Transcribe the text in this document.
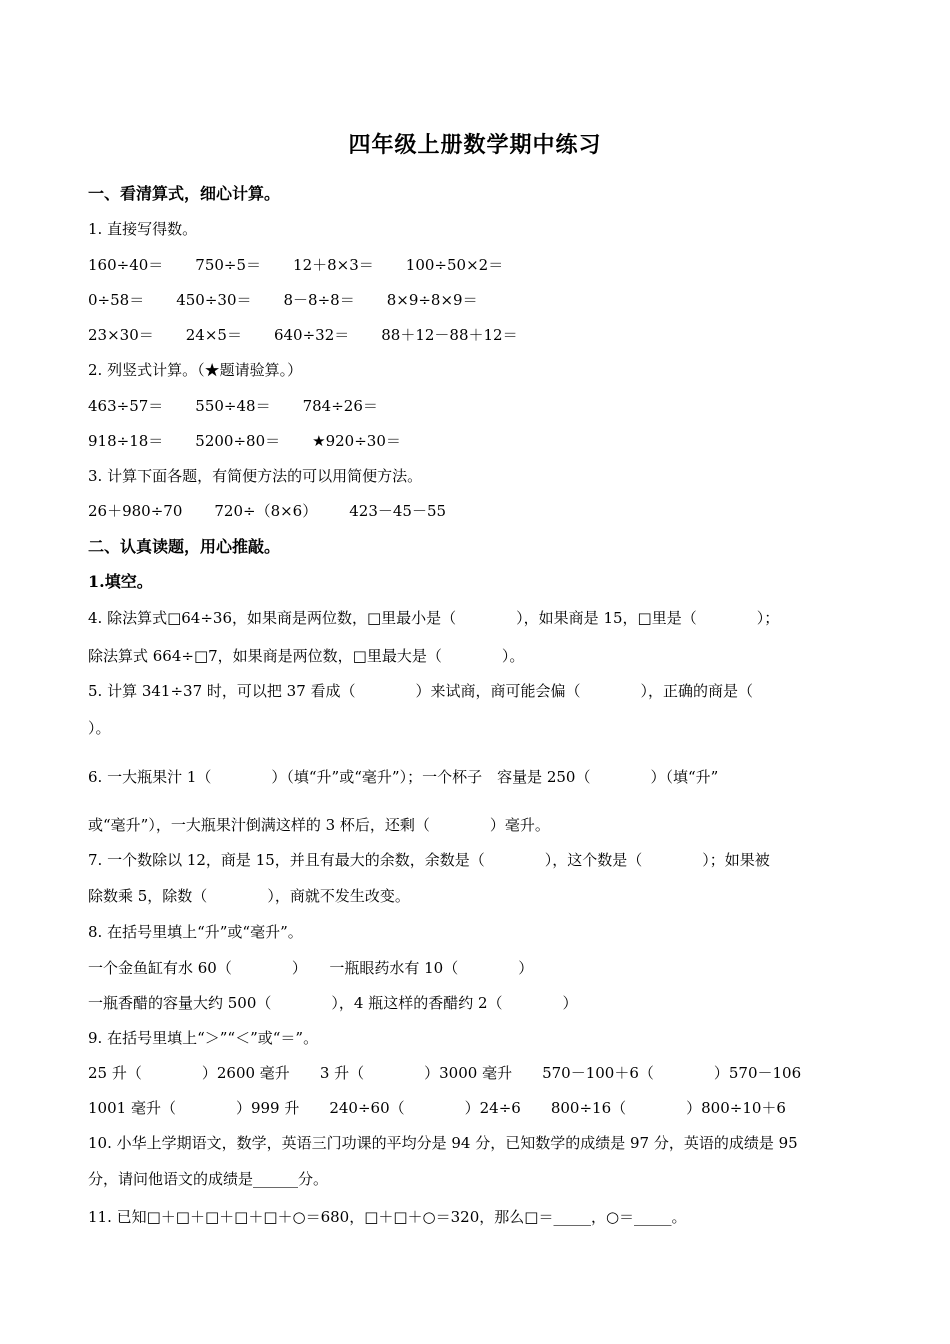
四年级上册数学期中练习
一、看清算式，细心计算。
1. 直接写得数。
160÷40＝ 750÷5＝ 12＋8×3＝ 100÷50×2＝
0÷58＝ 450÷30＝ 8－8÷8＝ 8×9÷8×9＝
23×30＝ 24×5＝ 640÷32＝ 88＋12－88＋12＝
2. 列竖式计算。（★题请验算。）
463÷57＝ 550÷48＝ 784÷26＝
918÷18＝ 5200÷80＝ ★920÷30＝
3. 计算下面各题，有简便方法的可以用简便方法。
26＋980÷70 720÷（8×6） 423－45－55
二、认真读题，用心推敲。
1.填空。
4. 除法算式□64÷36，如果商是两位数，□里最小是（　　　　），如果商是 15，□里是（　　　　）；
除法算式 664÷□7，如果商是两位数，□里最大是（　　　　）。
5. 计算 341÷37 时，可以把 37 看成（　　　　）来试商，商可能会偏（　　　　），正确的商是（
）。
6. 一大瓶果汁 1（　　　　）（填“升”或“毫升”）；一个杯子　容量是 250（　　　　）（填“升”
或“毫升”），一大瓶果汁倒满这样的 3 杯后，还剩（　　　　）毫升。
7. 一个数除以 12，商是 15，并且有最大的余数，余数是（　　　　），这个数是（　　　　）；如果被
除数乘 5，除数（　　　　），商就不发生改变。
8. 在括号里填上“升”或“毫升”。
一个金鱼缸有水 60（　　　　）　　一瓶眼药水有 10（　　　　）
一瓶香醋的容量大约 500（　　　　），4 瓶这样的香醋约 2（　　　　）
9. 在括号里填上“＞”“＜”或“＝”。
25 升（　　　　）2600 毫升 3 升（　　　　）3000 毫升 570－100＋6（　　　　）570－106
1001 毫升（　　　　）999 升 240÷60（　　　　）24÷6 800÷16（　　　　）800÷10＋6
10. 小华上学期语文，数学，英语三门功课的平均分是 94 分，已知数学的成绩是 97 分，英语的成绩是 95
分，请问他语文的成绩是______分。
11. 已知□＋□＋□＋□＋□＋○＝680，□＋□＋○＝320，那么□＝_____，○＝_____。
